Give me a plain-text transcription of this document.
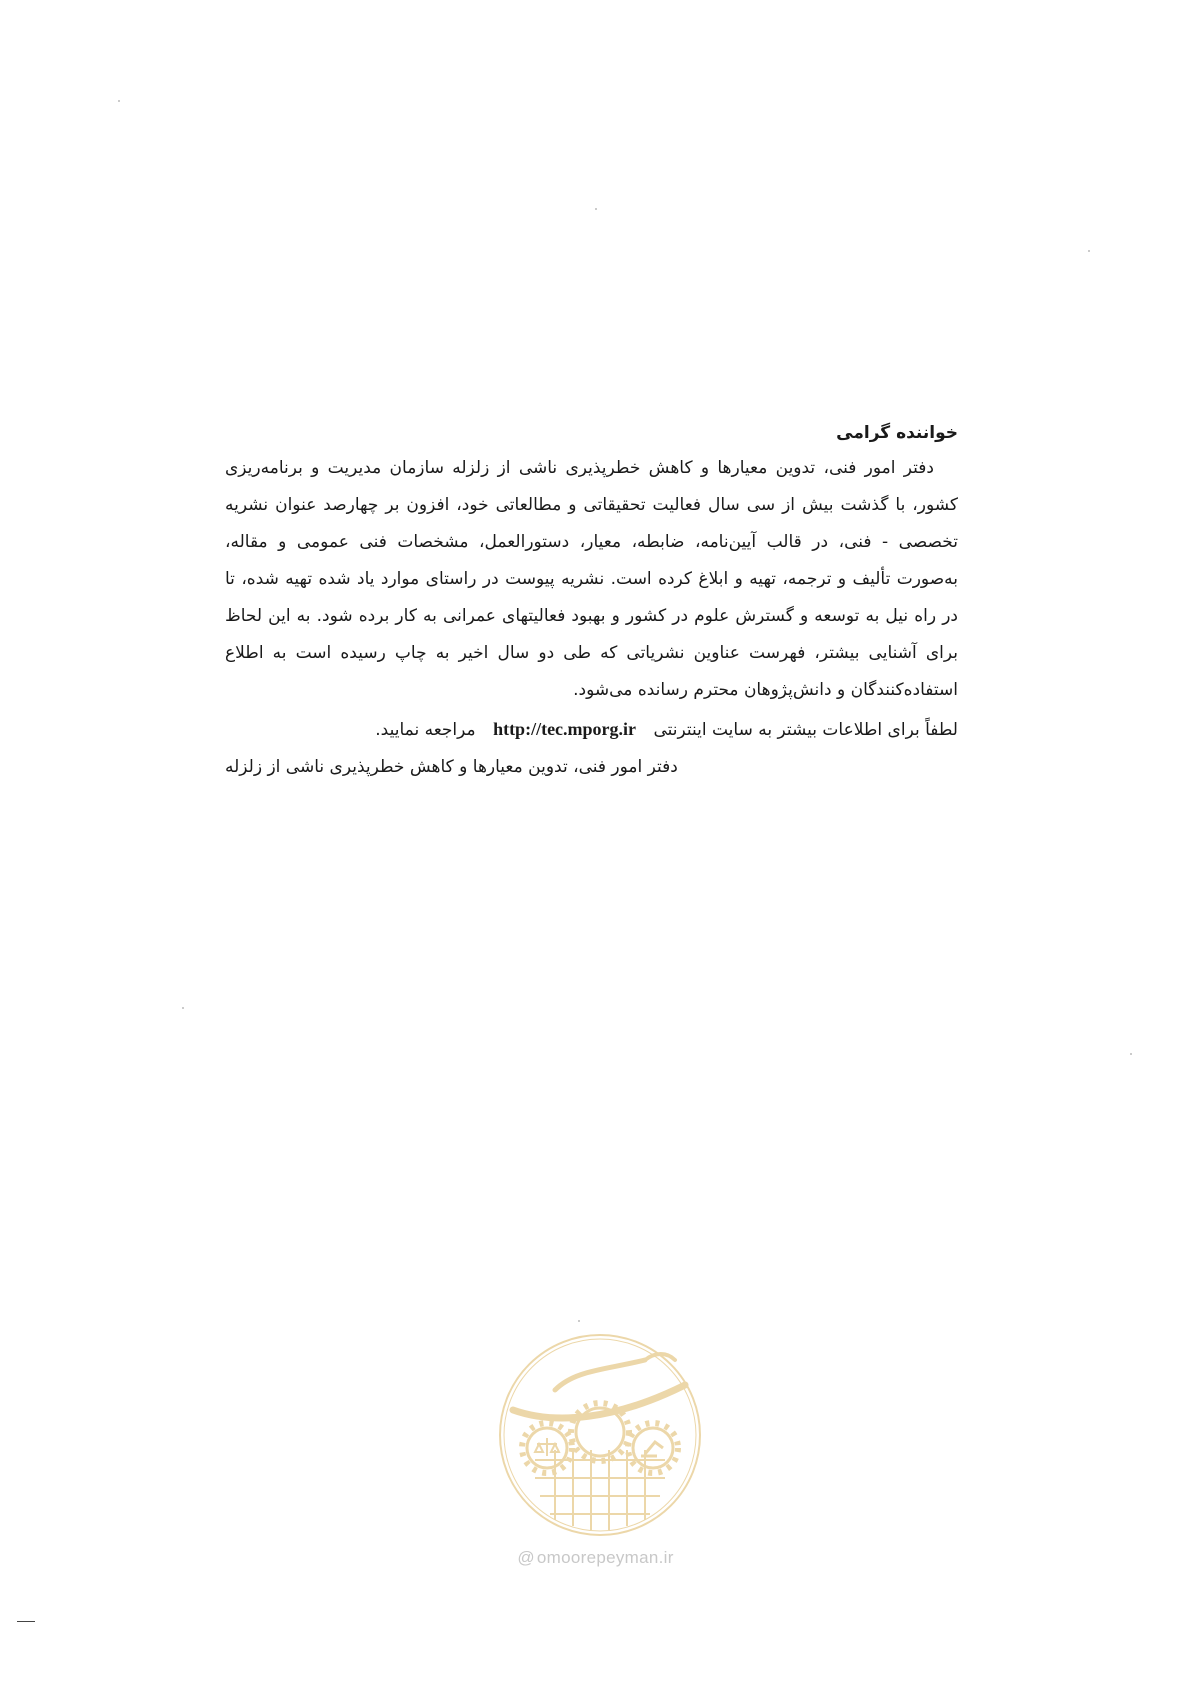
خواننده گرامی

دفتر امور فنی، تدوین معیارها و کاهش خطرپذیری ناشی از زلزله سازمان مدیریت و برنامه‌ریزی کشور، با گذشت بیش از سی سال فعالیت تحقیقاتی و مطالعاتی خود، افزون بر چهارصد عنوان نشریه تخصصی - فنی، در قالب آیین‌نامه، ضابطه، معیار، دستورالعمل، مشخصات فنی عمومی و مقاله، به‌صورت تألیف و ترجمه، تهیه و ابلاغ کرده است. نشریه پیوست در راستای موارد یاد شده تهیه شده، تا در راه نیل به توسعه و گسترش علوم در کشور و بهبود فعالیتهای عمرانی به کار برده شود. به این لحاظ برای آشنایی بیشتر، فهرست عناوین نشریاتی که طی دو سال اخیر به چاپ رسیده است به اطلاع استفاده‌کنندگان و دانش‌پژوهان محترم رسانده می‌شود.

لطفاً برای اطلاعات بیشتر به سایت اینترنتی http://tec.mporg.ir مراجعه نمایید.

دفتر امور فنی، تدوین معیارها و کاهش خطرپذیری ناشی از زلزله

@ omoorepeyman.ir
